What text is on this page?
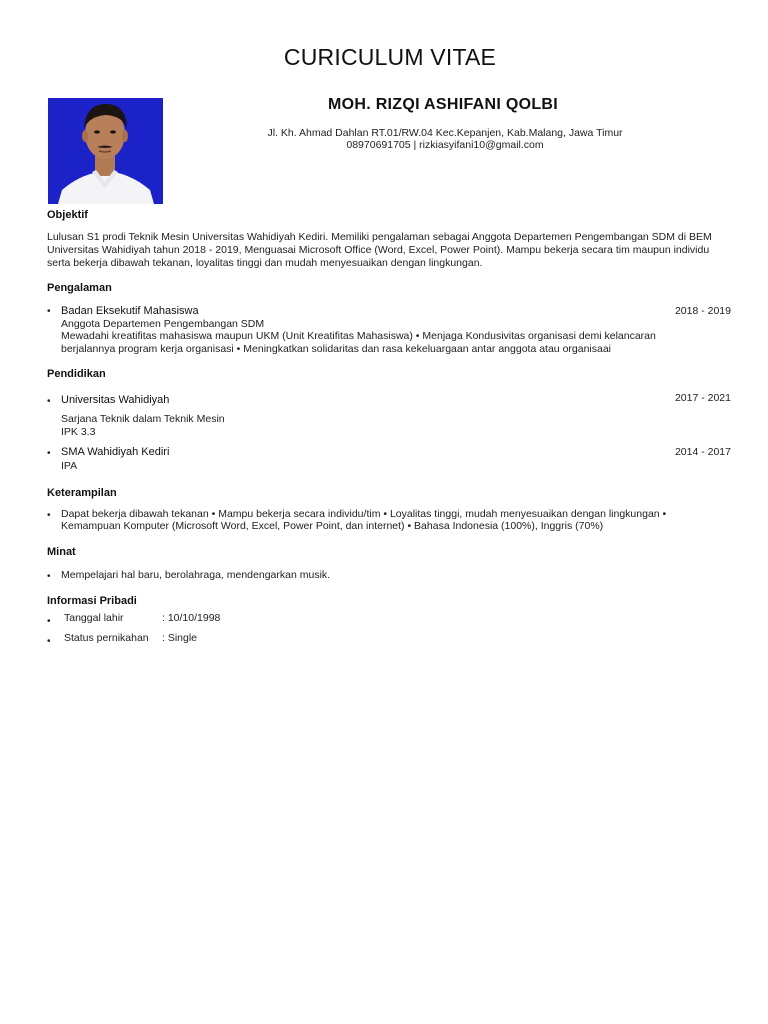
CURICULUM VITAE
MOH. RIZQI ASHIFANI QOLBI
Jl. Kh. Ahmad Dahlan RT.01/RW.04 Kec.Kepanjen, Kab.Malang, Jawa Timur
08970691705 | rizkiasyifani10@gmail.com
Objektif
Lulusan S1 prodi Teknik Mesin Universitas Wahidiyah Kediri. Memiliki pengalaman sebagai Anggota Departemen Pengembangan SDM di BEM Universitas Wahidiyah tahun 2018 - 2019, Menguasai Microsoft Office (Word, Excel, Power Point). Mampu bekerja secara tim maupun individu serta bekerja dibawah tekanan, loyalitas tinggi dan mudah menyesuaikan dengan lingkungan.
Pengalaman
• Badan Eksekutif Mahasiswa	2018 - 2019
Anggota Departemen Pengembangan SDM
Mewadahi kreatifitas mahasiswa maupun UKM (Unit Kreatifitas Mahasiswa) • Menjaga Kondusivitas organisasi demi kelancaran
berjalannya program kerja organisasi • Meningkatkan solidaritas dan rasa kekeluargaan antar anggota atau organisaai
Pendidikan
• Universitas Wahidiyah	2017 - 2021
Sarjana Teknik dalam Teknik Mesin
IPK 3.3
• SMA Wahidiyah Kediri	2014 - 2017
IPA
Keterampilan
• Dapat bekerja dibawah tekanan • Mampu bekerja secara individu/tim • Loyalitas tinggi, mudah menyesuaikan dengan lingkungan •
Kemampuan Komputer (Microsoft Word, Excel, Power Point, dan internet) • Bahasa Indonesia (100%), Inggris (70%)
Minat
• Mempelajari hal baru, berolahraga, mendengarkan musik.
Informasi Pribadi
• Tanggal lahir	: 10/10/1998
• Status pernikahan : Single
